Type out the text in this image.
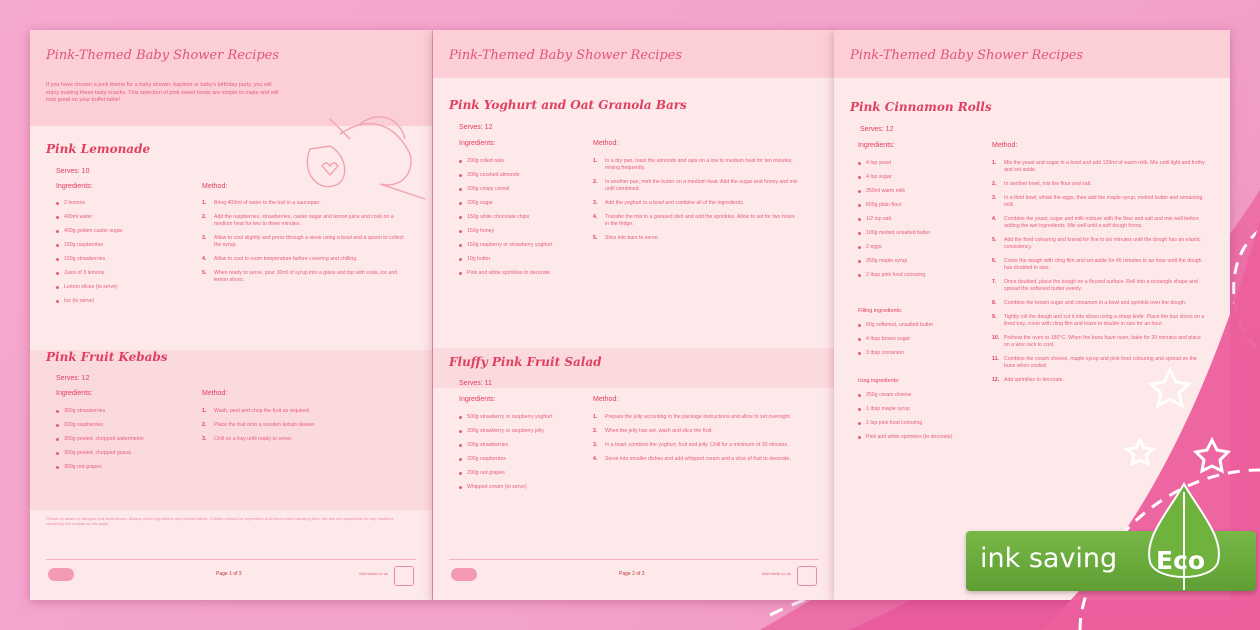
Pink-Themed Baby Shower Recipes
If you have chosen a pink theme for a baby shower, baptism or baby's birthday party, you will enjoy making these tasty snacks. This selection of pink sweet treats are simple to make and will look great on your buffet table!
Pink Lemonade
Serves: 10
Ingredients:	Method:
2 lemons
400ml water
400g golden caster sugar
150g raspberries
150g strawberries
Juice of 3 lemons
Lemon slices (to serve)
Ice (to serve)
1. Bring 400ml of water to the boil in a saucepan.
2. Add the raspberries, strawberries, caster sugar and lemon juice and cook on a medium heat for two to three minutes.
3. Allow to cool slightly and press through a sieve using a bowl and a spoon to collect the syrup.
4. Allow to cool to room temperature before covering and chilling.
5. When ready to serve, pour 30ml of syrup into a glass and top with soda, ice and lemon slices.
Pink Fruit Kebabs
Serves: 12
Ingredients:	Method:
300g strawberries
300g raspberries
300g peeled, chopped watermelon
300g peeled, chopped guava
300g red grapes
1. Wash, peel and chop the fruit as required.
2. Place the fruit onto a wooden kebab skewer.
3. Chill on a tray until ready to serve.
Please be aware of allergies and intolerances. Always check ingredients and product labels. Children should be supervised at all times when handling food. We are not responsible for any reactions caused by the recipes on this page.
Page 1 of 3	Visit twinkl.co.uk
Pink-Themed Baby Shower Recipes
Pink Yoghurt and Oat Granola Bars
Serves: 12
Ingredients:	Method:
200g rolled oats
200g crushed almonds
200g crispy cereal
200g sugar
150g white chocolate chips
150g honey
150g raspberry or strawberry yoghurt
10g butter
Pink and white sprinkles to decorate
1. In a dry pan, toast the almonds and oats on a low to medium heat for ten minutes, mixing frequently.
2. In another pan, melt the butter on a medium heat. Add the sugar and honey and mix until combined.
3. Add the yoghurt to a bowl and combine all of the ingredients.
4. Transfer the mix to a greased dish and add the sprinkles. Allow to set for two hours in the fridge.
5. Slice into bars to serve.
Fluffy Pink Fruit Salad
Serves: 11
Ingredients:	Method:
500g strawberry or raspberry yoghurt
200g strawberry or raspberry jelly
200g strawberries
200g raspberries
200g red grapes
Whipped cream (to serve)
1. Prepare the jelly according to the package instructions and allow to set overnight.
2. When the jelly has set, wash and slice the fruit.
3. In a bowl, combine the yoghurt, fruit and jelly. Chill for a minimum of 30 minutes.
4. Serve into smaller dishes and add whipped cream and a slice of fruit to decorate.
Page 2 of 3	Visit twinkl.co.uk
Pink-Themed Baby Shower Recipes
Pink Cinnamon Rolls
Serves: 12
Ingredients:	Method:
4 tsp yeast
4 tsp sugar
350ml warm milk
650g plain flour
1/2 tsp salt
100g melted unsalted butter
2 eggs
250g maple syrup
2 tbsp pink food colouring
Filling ingredients:
60g softened, unsalted butter
4 tbsp brown sugar
3 tbsp cinnamon
Icing ingredients:
250g cream cheese
1 tbsp maple syrup
1 tsp pink food colouring
Pink and white sprinkles (to decorate)
1. Mix the yeast and sugar in a bowl and add 120ml of warm milk. Mix until light and frothy and set aside.
2. In another bowl, mix the flour and salt.
3. In a third bowl, whisk the eggs, then add the maple syrup, melted butter and remaining milk.
4. Combine the yeast, sugar and milk mixture with the flour and salt and mix well before adding the wet ingredients. Mix well until a soft dough forms.
5. Add the food colouring and knead for five to six minutes until the dough has an elastic consistency.
6. Cover the dough with cling film and set aside for 45 minutes to an hour until the dough has doubled in size.
7. Once doubled, place the dough on a floured surface. Roll into a rectangle shape and spread the softened butter evenly.
8. Combine the brown sugar and cinnamon in a bowl and sprinkle over the dough.
9. Tightly roll the dough and cut it into slices using a sharp knife. Place the bun slices on a lined tray, cover with cling film and leave to double in size for an hour.
10. Preheat the oven to 180°C. When the buns have risen, bake for 20 minutes and place on a wire rack to cool.
11. Combine the cream cheese, maple syrup and pink food colouring and spread on the buns when cooled.
12. Add sprinkles to decorate.
ink saving Eco
